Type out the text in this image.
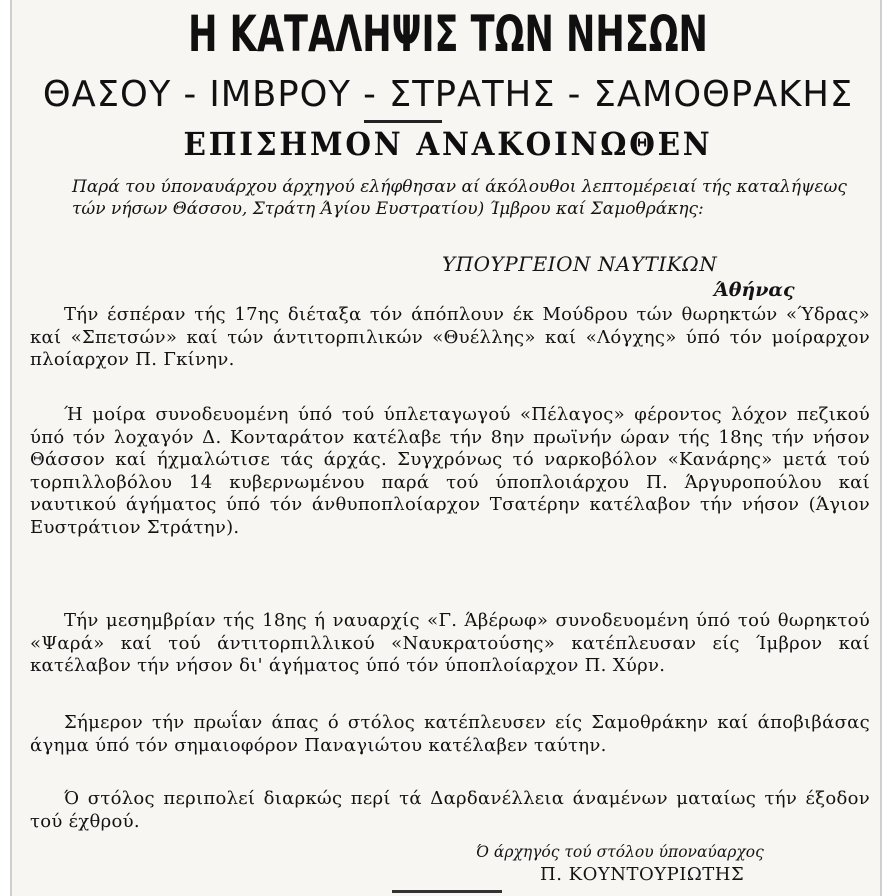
Η ΚΑΤΑΛΗΨΙΣ ΤΩΝ ΝΗΣΩΝ
ΘΑΣΟΥ - ΙΜΒΡΟΥ - ΣΤΡΑΤΗΣ - ΣΑΜΟΘΡΑΚΗΣ
ΕΠΙΣΗΜΟΝ ΑΝΑΚΟΙΝΩΘΕΝ
Παρά του ύποναυάρχου άρχηγού ελήφθησαν αί άκόλουθοι λεπτομέρειαί τής καταλήψεως τών νήσων Θάσσου, Στράτη Άγίου Ευστρατίου) Ίμβρου καί Σαμοθράκης:
ΥΠΟΥΡΓΕΙΟΝ ΝΑΥΤΙΚΩΝ
Άθήνας
Τήν έσπέραν τής 17ης διέταξα τόν άπόπλουν έκ Μούδρου τών θωρηκτών «Ύδρας» καί «Σπετσών» καί τών άντιτορπιλικών «Θυέλλης» καί «Λόγχης» ύπό τόν μοίραρχον πλοίαρχον Π. Γκίνην.
Ή μοίρα συνοδευομένη ύπό τού ύπλεταγωγού «Πέλαγος» φέροντος λόχον πεζικού ύπό τόν λοχαγόν Δ. Κονταράτον κατέλαβε τήν 8ην πρωϊνήν ώραν τής 18ης τήν νήσον Θάσσον καί ήχμαλώτισε τάς άρχάς. Συγχρόνως τό ναρκοβόλον «Κανάρης» μετά τού τορπιλλοβόλου 14 κυβερνωμένου παρά τού ύποπλοιάρχου Π. Άργυροπούλου καί ναυτικού άγήματος ύπό τόν άνθυποπλοίαρχον Τσατέρην κατέλαβον τήν νήσον (Άγιον Ευστράτιον Στράτην).
Τήν μεσημβρίαν τής 18ης ή ναυαρχίς «Γ. Άβέρωφ» συνοδευομένη ύπό τού θωρηκτού «Ψαρά» καί τού άντιτορπιλλικού «Ναυκρατούσης» κατέπλευσαν είς Ίμβρον καί κατέλαβον τήν νήσον δι' άγήματος ύπό τόν ύποπλοίαρχον Π. Χύρν.
Σήμερον τήν πρωΐαν άπας ό στόλος κατέπλευσεν είς Σαμοθράκην καί άποβιβάσας άγημα ύπό τόν σημαιοφόρον Παναγιώτου κατέλαβεν ταύτην.
Ό στόλος περιπολεί διαρκώς περί τά Δαρδανέλλεια άναμένων ματαίως τήν έξοδον τού έχθρού.
Ό άρχηγός τού στόλου ύποναύαρχος
Π. ΚΟΥΝΤΟΥΡΙΩΤΗΣ
